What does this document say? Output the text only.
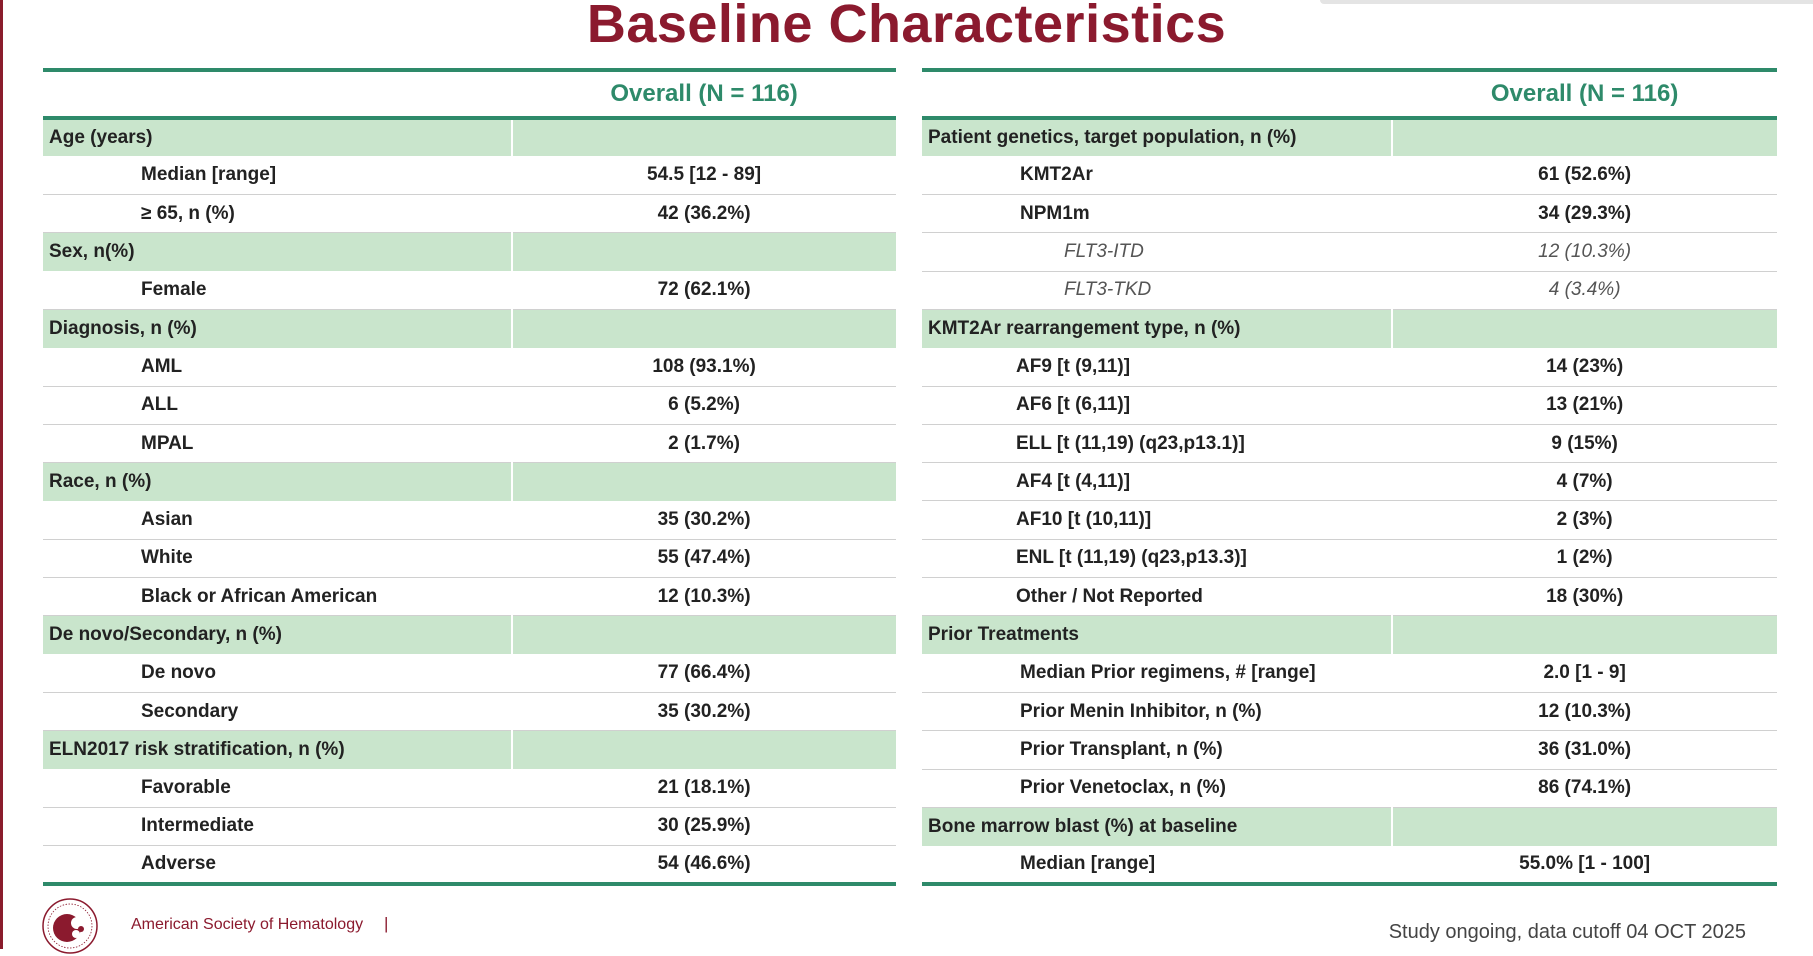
Baseline Characteristics
	Overall (N = 116)
Age (years)	
Median [range]	54.5 [12 - 89]
≥ 65, n (%)	42 (36.2%)
Sex, n(%)	
Female	72 (62.1%)
Diagnosis, n (%)	
AML	108 (93.1%)
ALL	6 (5.2%)
MPAL	2 (1.7%)
Race, n (%)	
Asian	35 (30.2%)
White	55 (47.4%)
Black or African American	12 (10.3%)
De novo/Secondary, n (%)	
De novo	77 (66.4%)
Secondary	35 (30.2%)
ELN2017 risk stratification, n (%)	
Favorable	21 (18.1%)
Intermediate	30 (25.9%)
Adverse	54 (46.6%)
	Overall (N = 116)
Patient genetics, target population, n (%)	
KMT2Ar	61 (52.6%)
NPM1m	34 (29.3%)
FLT3-ITD	12 (10.3%)
FLT3-TKD	4 (3.4%)
KMT2Ar rearrangement type, n (%)	
AF9 [t (9,11)]	14 (23%)
AF6 [t (6,11)]	13 (21%)
ELL [t (11,19) (q23,p13.1)]	9 (15%)
AF4 [t (4,11)]	4 (7%)
AF10 [t (10,11)]	2 (3%)
ENL [t (11,19) (q23,p13.3)]	1 (2%)
Other / Not Reported	18 (30%)
Prior Treatments	
Median Prior regimens, # [range]	2.0 [1 - 9]
Prior Menin Inhibitor, n (%)	12 (10.3%)
Prior Transplant, n (%)	36 (31.0%)
Prior Venetoclax, n (%)	86 (74.1%)
Bone marrow blast (%) at baseline	
Median [range]	55.0% [1 - 100]
American Society of Hematology |	Study ongoing, data cutoff 04 OCT 2025
